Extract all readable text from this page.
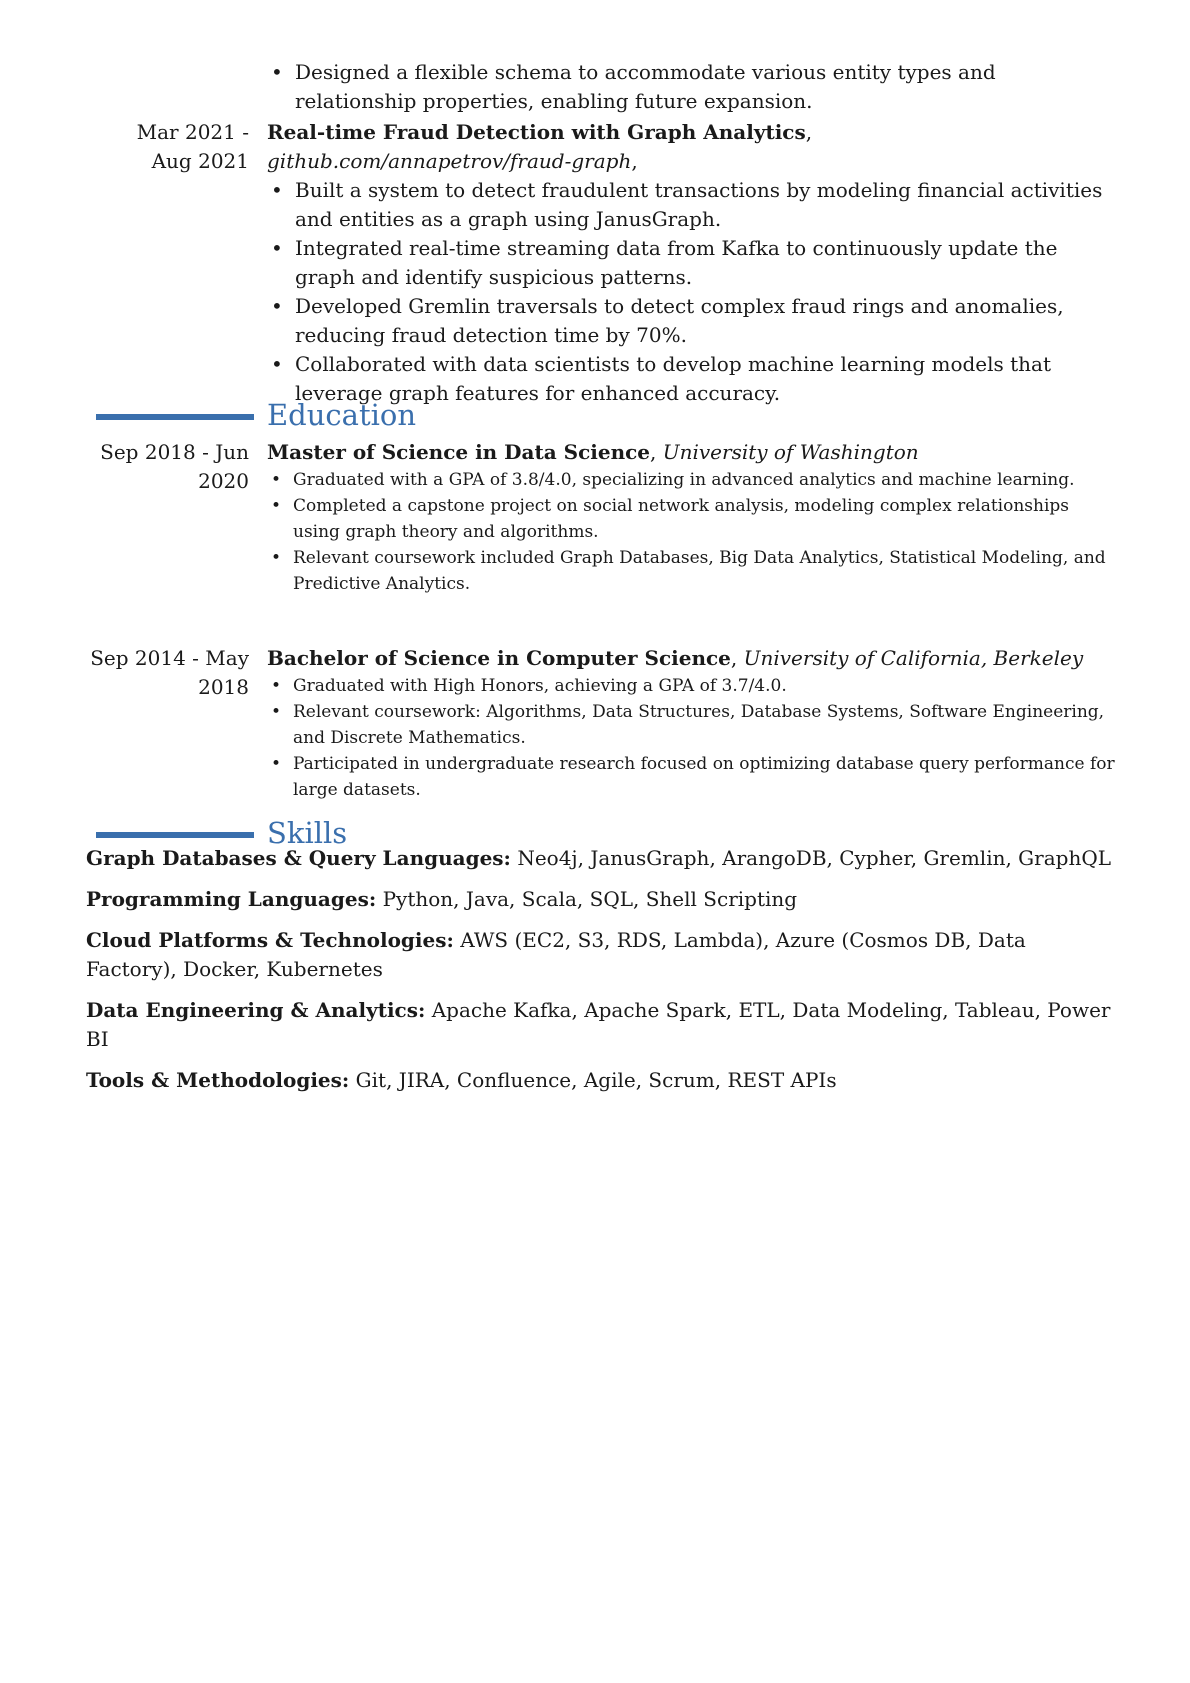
• Designed a flexible schema to accommodate various entity types and relationship properties, enabling future expansion.
Mar 2021 -
Aug 2021

Real-time Fraud Detection with Graph Analytics, github.com/annapetrov/fraud-graph,

• Built a system to detect fraudulent transactions by modeling financial activities and entities as a graph using JanusGraph.
• Integrated real-time streaming data from Kafka to continuously update the graph and identify suspicious patterns.
• Developed Gremlin traversals to detect complex fraud rings and anomalies, reducing fraud detection time by 70%.
• Collaborated with data scientists to develop machine learning models that leverage graph features for enhanced accuracy.
Education
Sep 2018 - Jun
2020

Master of Science in Data Science, University of Washington

• Graduated with a GPA of 3.8/4.0, specializing in advanced analytics and machine learning.
• Completed a capstone project on social network analysis, modeling complex relationships using graph theory and algorithms.
• Relevant coursework included Graph Databases, Big Data Analytics, Statistical Modeling, and Predictive Analytics.
Sep 2014 - May
2018

Bachelor of Science in Computer Science, University of California, Berkeley

• Graduated with High Honors, achieving a GPA of 3.7/4.0.
• Relevant coursework: Algorithms, Data Structures, Database Systems, Software Engineering, and Discrete Mathematics.
• Participated in undergraduate research focused on optimizing database query performance for large datasets.
Skills

Graph Databases & Query Languages: Neo4j, JanusGraph, ArangoDB, Cypher, Gremlin, GraphQL

Programming Languages: Python, Java, Scala, SQL, Shell Scripting

Cloud Platforms & Technologies: AWS (EC2, S3, RDS, Lambda), Azure (Cosmos DB, Data Factory), Docker, Kubernetes

Data Engineering & Analytics: Apache Kafka, Apache Spark, ETL, Data Modeling, Tableau, Power BI

Tools & Methodologies: Git, JIRA, Confluence, Agile, Scrum, REST APIs
